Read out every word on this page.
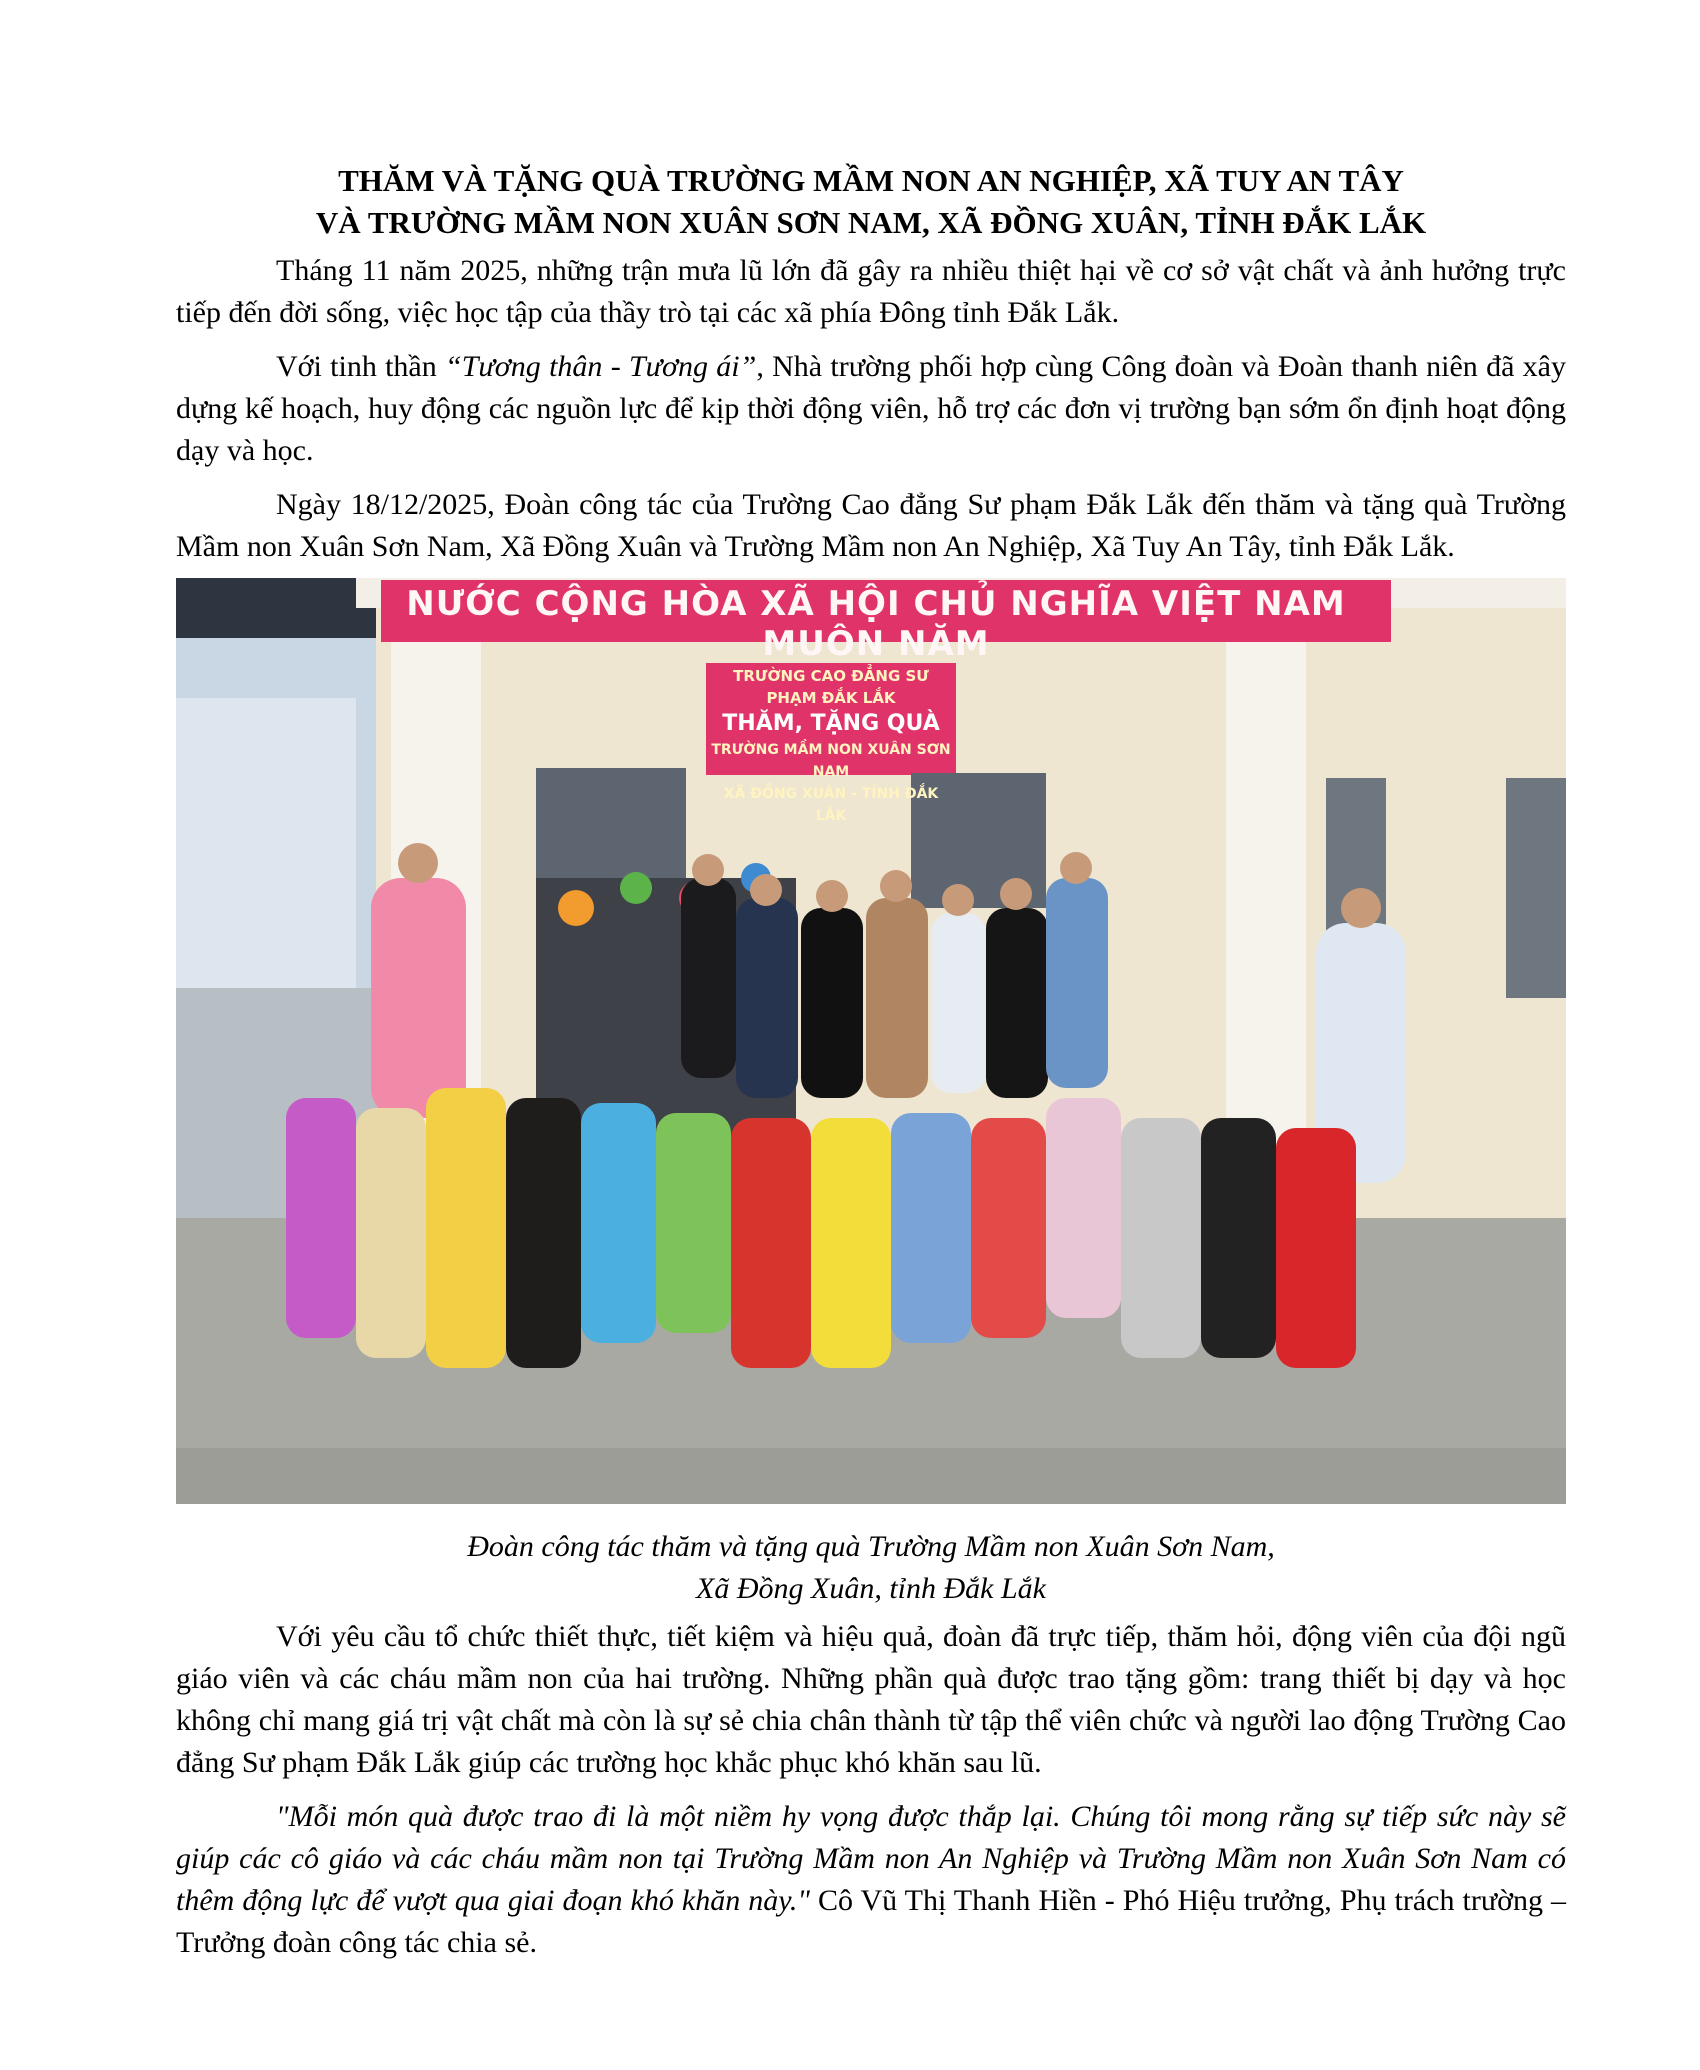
THĂM VÀ TẶNG QUÀ TRƯỜNG MẦM NON AN NGHIỆP, XÃ TUY AN TÂY
VÀ TRƯỜNG MẦM NON XUÂN SƠN NAM, XÃ ĐỒNG XUÂN, TỈNH ĐẮK LẮK

Tháng 11 năm 2025, những trận mưa lũ lớn đã gây ra nhiều thiệt hại về cơ sở vật chất và ảnh hưởng trực tiếp đến đời sống, việc học tập của thầy trò tại các xã phía Đông tỉnh Đắk Lắk.

Với tinh thần “Tương thân - Tương ái”, Nhà trường phối hợp cùng Công đoàn và Đoàn thanh niên đã xây dựng kế hoạch, huy động các nguồn lực để kịp thời động viên, hỗ trợ các đơn vị trường bạn sớm ổn định hoạt động dạy và học.

Ngày 18/12/2025, Đoàn công tác của Trường Cao đẳng Sư phạm Đắk Lắk đến thăm và tặng quà Trường Mầm non Xuân Sơn Nam, Xã Đồng Xuân và Trường Mầm non An Nghiệp, Xã Tuy An Tây, tỉnh Đắk Lắk.

NƯỚC CỘNG HÒA XÃ HỘI CHỦ NGHĨA VIỆT NAM MUÔN NĂM
TRƯỜNG CAO ĐẲNG SƯ PHẠM ĐẮK LẮK
THĂM, TẶNG QUÀ
TRƯỜNG MẦM NON XUÂN SƠN NAM
XÃ ĐỒNG XUÂN - TỈNH ĐẮK LẮK
Đoàn công tác thăm và tặng quà Trường Mầm non Xuân Sơn Nam,
Xã Đồng Xuân, tỉnh Đắk Lắk

Với yêu cầu tổ chức thiết thực, tiết kiệm và hiệu quả, đoàn đã trực tiếp, thăm hỏi, động viên của đội ngũ giáo viên và các cháu mầm non của hai trường. Những phần quà được trao tặng gồm: trang thiết bị dạy và học không chỉ mang giá trị vật chất mà còn là sự sẻ chia chân thành từ tập thể viên chức và người lao động Trường Cao đẳng Sư phạm Đắk Lắk giúp các trường học khắc phục khó khăn sau lũ.

"Mỗi món quà được trao đi là một niềm hy vọng được thắp lại. Chúng tôi mong rằng sự tiếp sức này sẽ giúp các cô giáo và các cháu mầm non tại Trường Mầm non An Nghiệp và Trường Mầm non Xuân Sơn Nam có thêm động lực để vượt qua giai đoạn khó khăn này." Cô Vũ Thị Thanh Hiền - Phó Hiệu trưởng, Phụ trách trường – Trưởng đoàn công tác chia sẻ.
